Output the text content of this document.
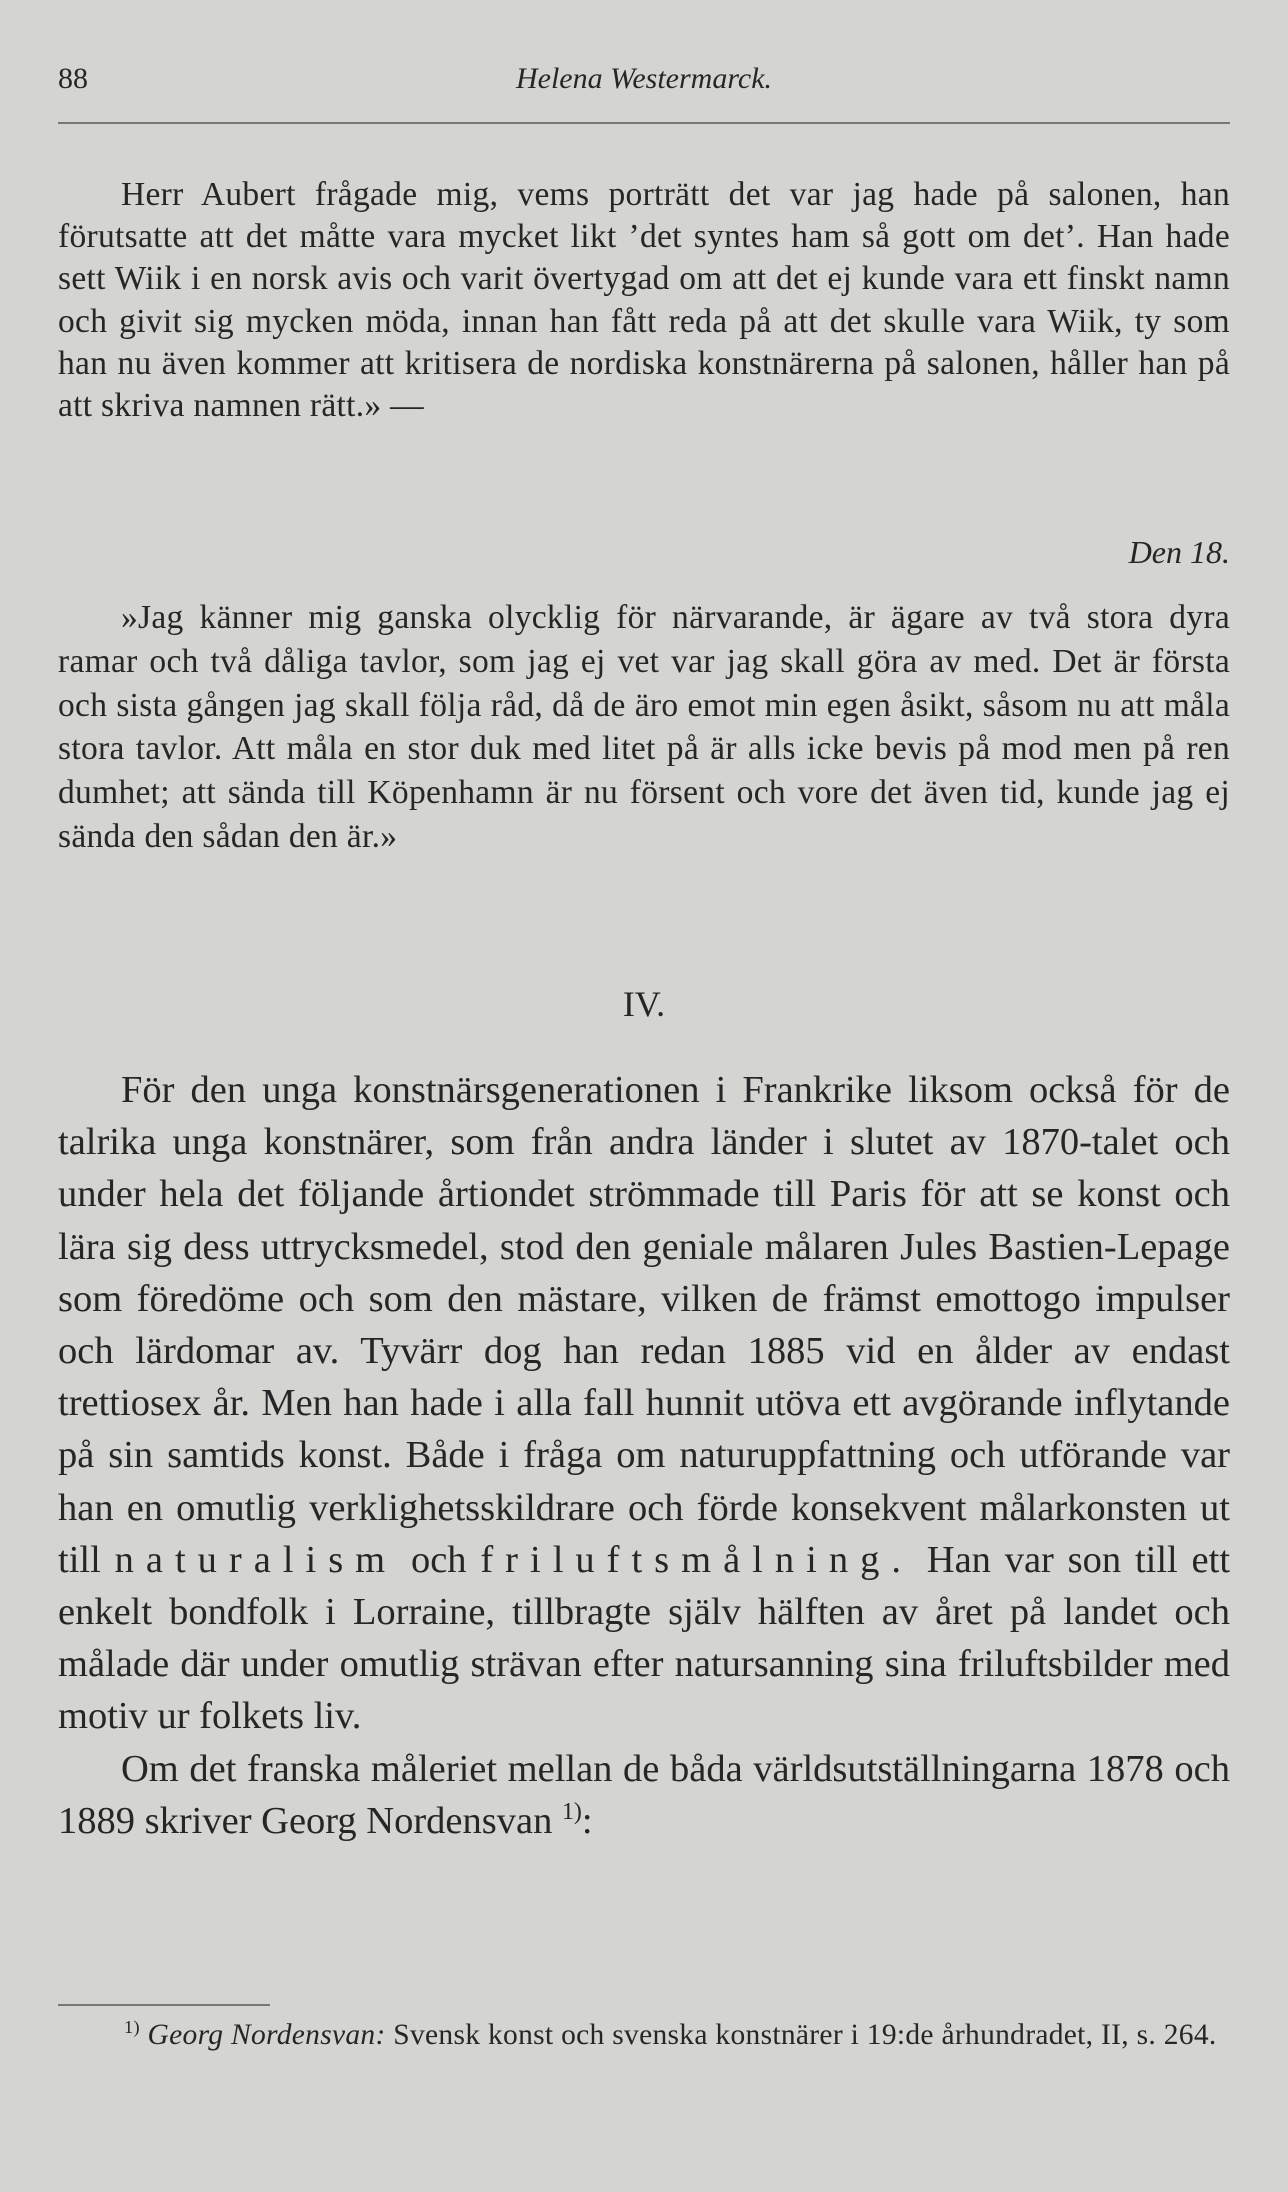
88	Helena Westermarck.

Herr Aubert frågade mig, vems porträtt det var jag hade på salonen, han förutsatte att det måtte vara mycket likt ’det syntes ham så gott om det’. Han hade sett Wiik i en norsk avis och varit övertygad om att det ej kunde vara ett finskt namn och givit sig mycken möda, innan han fått reda på att det skulle vara Wiik, ty som han nu även kommer att kritisera de nordiska konstnärerna på salonen, håller han på att skriva namnen rätt.» —

Den 18.

»Jag känner mig ganska olycklig för närvarande, är ägare av två stora dyra ramar och två dåliga tavlor, som jag ej vet var jag skall göra av med. Det är första och sista gången jag skall följa råd, då de äro emot min egen åsikt, såsom nu att måla stora tavlor. Att måla en stor duk med litet på är alls icke bevis på mod men på ren dumhet; att sända till Köpenhamn är nu försent och vore det även tid, kunde jag ej sända den sådan den är.»

IV.

För den unga konstnärsgenerationen i Frankrike liksom också för de talrika unga konstnärer, som från andra länder i slutet av 1870-talet och under hela det följande årtiondet strömmade till Paris för att se konst och lära sig dess uttrycksmedel, stod den geniale målaren Jules Bastien-Lepage som föredöme och som den mästare, vilken de främst emottogo impulser och lärdomar av. Tyvärr dog han redan 1885 vid en ålder av endast trettiosex år. Men han hade i alla fall hunnit utöva ett avgörande inflytande på sin samtids konst. Både i fråga om naturuppfattning och utförande var han en omutlig verklighetsskildrare och förde konsekvent målarkonsten ut till naturalism och friluftsmålning. Han var son till ett enkelt bondfolk i Lorraine, tillbragte själv hälften av året på landet och målade där under omutlig strävan efter natursanning sina friluftsbilder med motiv ur folkets liv.

Om det franska måleriet mellan de båda världsutställningarna 1878 och 1889 skriver Georg Nordensvan $^{1)}$:

$^{1)}$ Georg Nordensvan: Svensk konst och svenska konstnärer i 19:de århundradet, II, s. 264.
